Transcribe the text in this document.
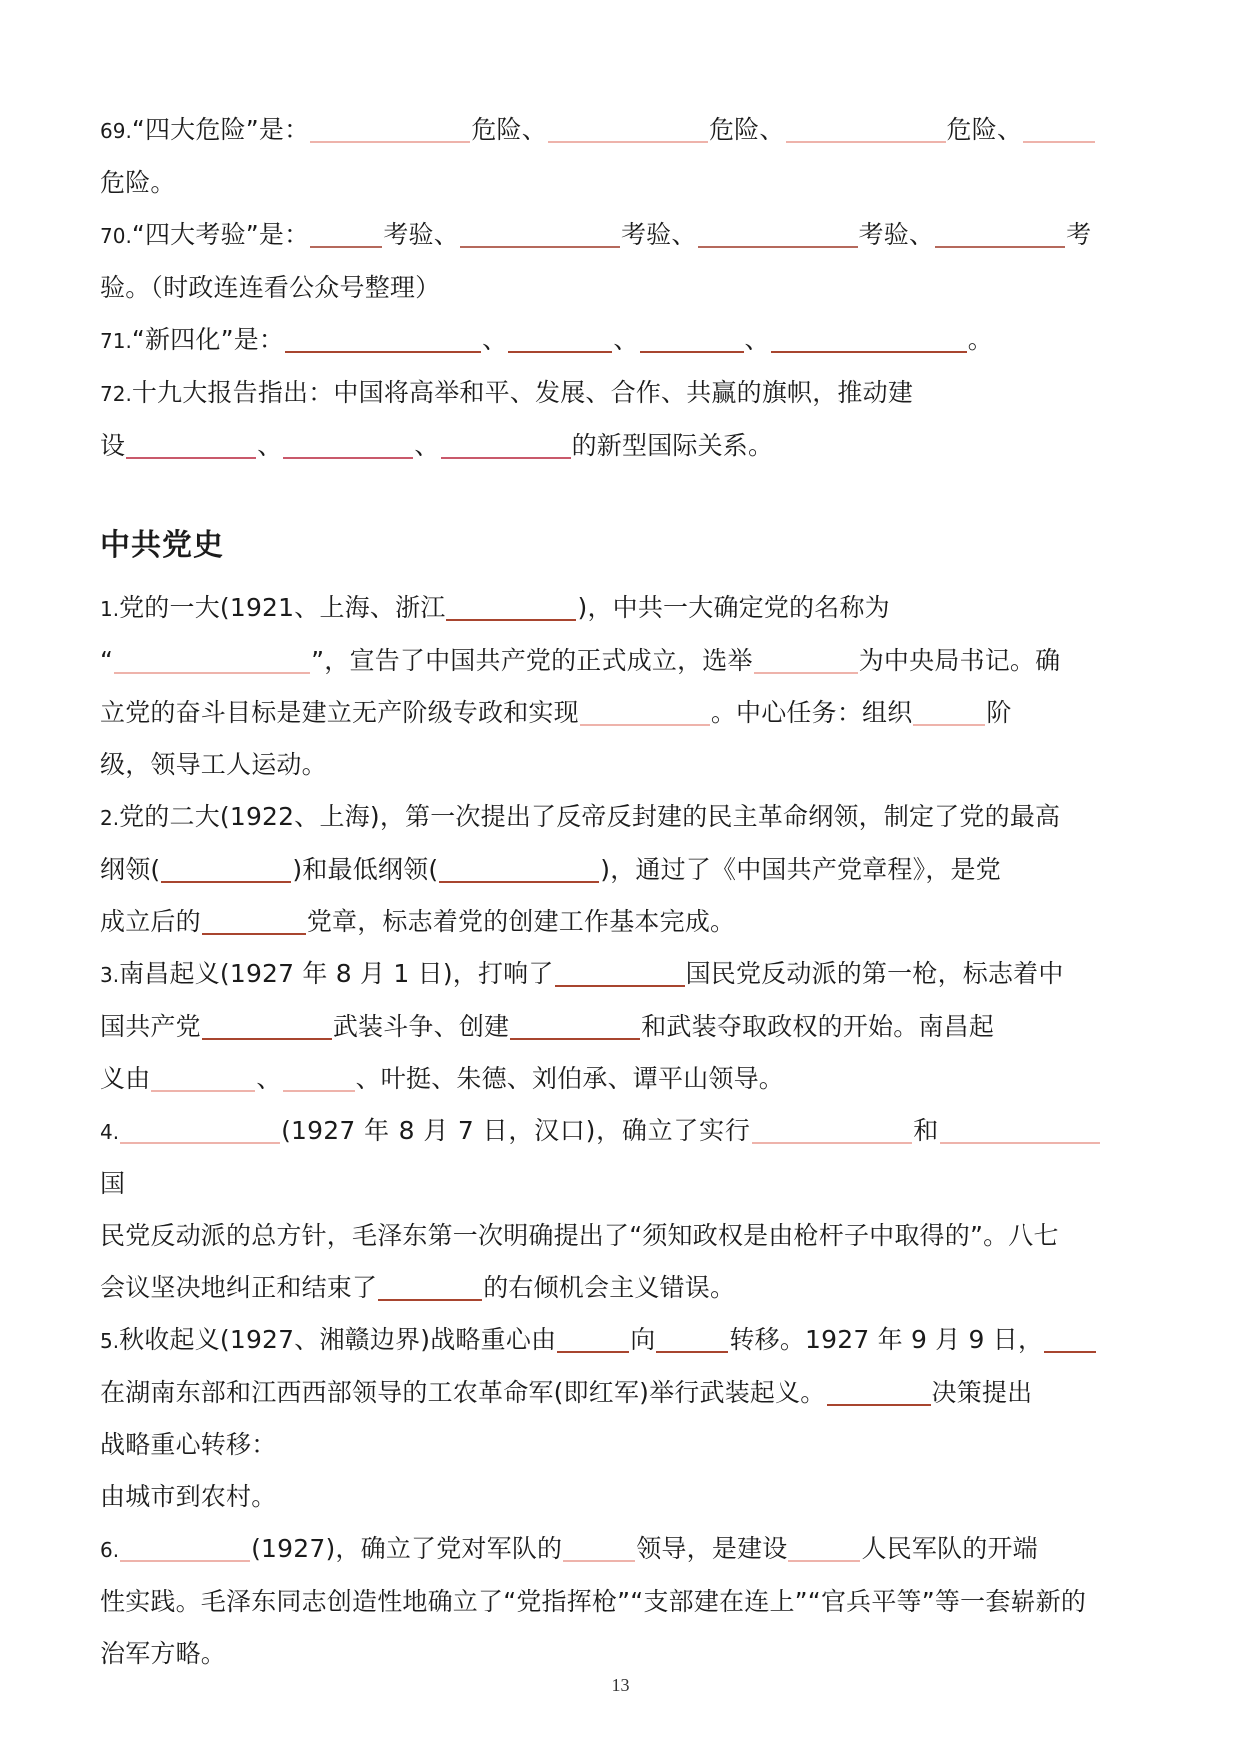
69.“四大危险”是：	危险、	危险、	危险、
危险。
70.“四大考验”是：	考验、	考验、	考验、	考
验。（时政连连看公众号整理）
71.“新四化”是：	、	、	、	。
72.十九大报告指出：中国将高举和平、发展、合作、共赢的旗帜，推动建
设	、	、	的新型国际关系。
中共党史
1.党的一大(1921、上海、浙江	)，中共一大确定党的名称为
“	”，宣告了中国共产党的正式成立，选举	为中央局书记。确
立党的奋斗目标是建立无产阶级专政和实现	。中心任务：组织	阶
级，领导工人运动。
2.党的二大(1922、上海)，第一次提出了反帝反封建的民主革命纲领，制定了党的最高
纲领(	)和最低纲领(	)，通过了《中国共产党章程》，是党
成立后的	党章，标志着党的创建工作基本完成。
3.南昌起义(1927 年 8 月 1 日)，打响了	国民党反动派的第一枪，标志着中
国共产党	武装斗争、创建	和武装夺取政权的开始。南昌起
义由	、	、叶挺、朱德、刘伯承、谭平山领导。
4.	(1927 年 8 月 7 日，汉口)，确立了实行	和国
民党反动派的总方针，毛泽东第一次明确提出了“须知政权是由枪杆子中取得的”。八七
会议坚决地纠正和结束了	的右倾机会主义错误。
5.秋收起义(1927、湘赣边界)战略重心由	向	转移。1927 年 9 月 9 日，
在湖南东部和江西西部领导的工农革命军(即红军)举行武装起义。	决策提出
战略重心转移：
由城市到农村。
6.	(1927)，确立了党对军队的	领导，是建设	人民军队的开端
性实践。毛泽东同志创造性地确立了“党指挥枪”“支部建在连上”“官兵平等”等一套崭新的
治军方略。
13
